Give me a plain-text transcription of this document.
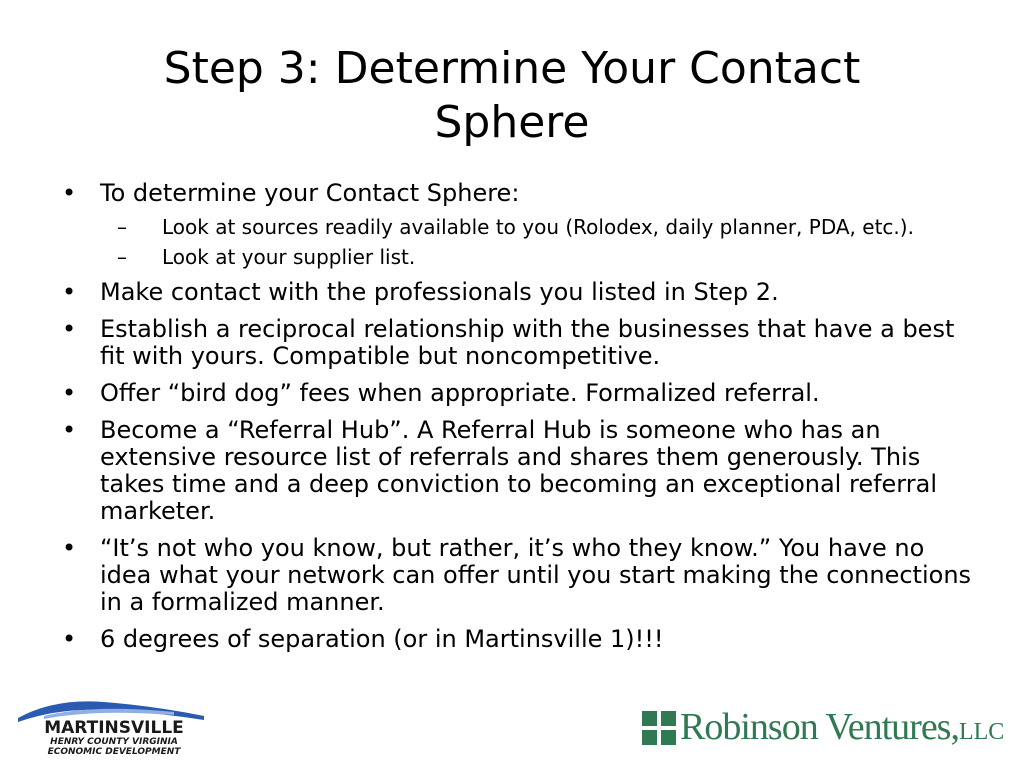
Step 3: Determine Your Contact
Sphere
• To determine your Contact Sphere:
– Look at sources readily available to you (Rolodex, daily planner, PDA, etc.).
– Look at your supplier list.
• Make contact with the professionals you listed in Step 2.
• Establish a reciprocal relationship with the businesses that have a best fit with yours. Compatible but noncompetitive.
• Offer “bird dog” fees when appropriate. Formalized referral.
• Become a “Referral Hub”. A Referral Hub is someone who has an extensive resource list of referrals and shares them generously. This takes time and a deep conviction to becoming an exceptional referral marketer.
• “It’s not who you know, but rather, it’s who they know.” You have no idea what your network can offer until you start making the connections in a formalized manner.
• 6 degrees of separation (or in Martinsville 1)!!!
MARTINSVILLE
HENRY COUNTY VIRGINIA
ECONOMIC DEVELOPMENT
Robinson Ventures,LLC
